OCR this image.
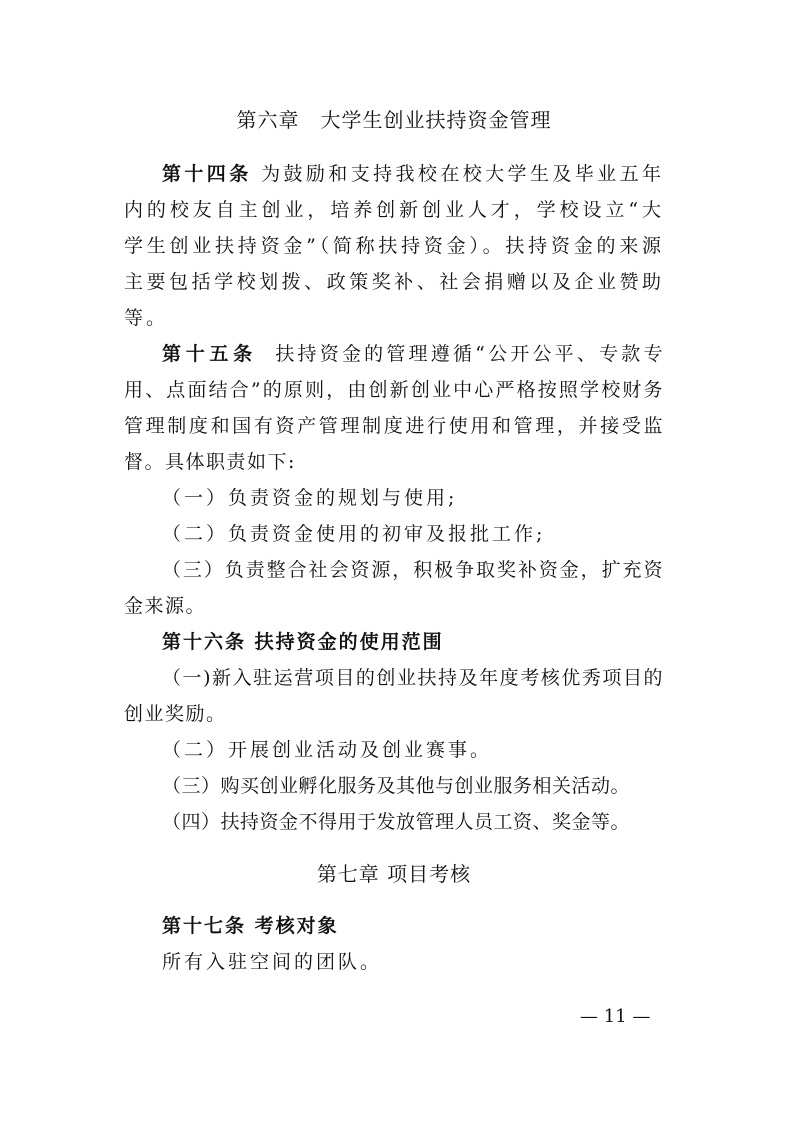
第六章　大学生创业扶持资金管理

第十四条 为鼓励和支持我校在校大学生及毕业五年内的校友自主创业，培养创新创业人才，学校设立“大学生创业扶持资金”（简称扶持资金）。扶持资金的来源主要包括学校划拨、政策奖补、社会捐赠以及企业赞助等。

第十五条 扶持资金的管理遵循“公开公平、专款专用、点面结合”的原则，由创新创业中心严格按照学校财务管理制度和国有资产管理制度进行使用和管理，并接受监督。具体职责如下:

（一）负责资金的规划与使用;

（二）负责资金使用的初审及报批工作;

（三）负责整合社会资源，积极争取奖补资金，扩充资金来源。

第十六条 扶持资金的使用范围

（一)新入驻运营项目的创业扶持及年度考核优秀项目的创业奖励。

（二）开展创业活动及创业赛事。

（三）购买创业孵化服务及其他与创业服务相关活动。

（四）扶持资金不得用于发放管理人员工资、奖金等。

第七章 项目考核

第十七条 考核对象

所有入驻空间的团队。

— 11 —
